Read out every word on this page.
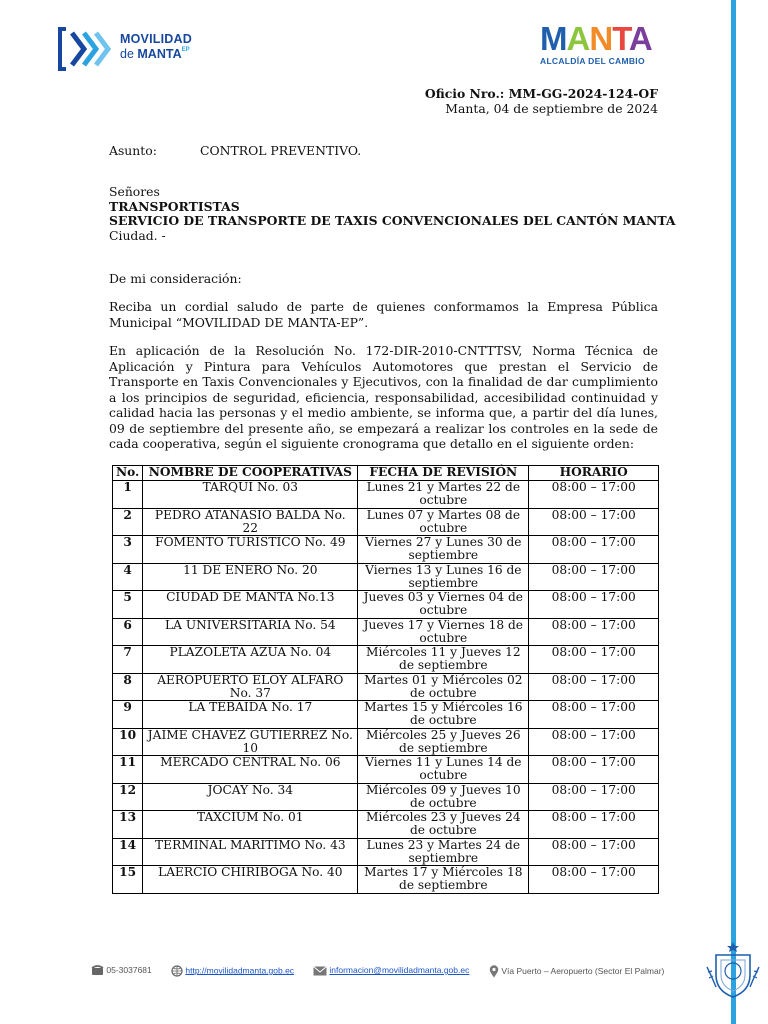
MOVILIDAD
de $MANTA^{EP}$	MANTA
ALCALDÍA DEL CAMBIO
Oficio Nro.: MM-GG-2024-124-OF
Manta, 04 de septiembre de 2024
Asunto:	CONTROL PREVENTIVO.
Señores
TRANSPORTISTAS
SERVICIO DE TRANSPORTE DE TAXIS CONVENCIONALES DEL CANTÓN MANTA
Ciudad. -
De mi consideración:
Reciba un cordial saludo de parte de quienes conformamos la Empresa Pública Municipal “MOVILIDAD DE MANTA-EP”.
En aplicación de la Resolución No. 172-DIR-2010-CNTTTSV, Norma Técnica de Aplicación y Pintura para Vehículos Automotores que prestan el Servicio de Transporte en Taxis Convencionales y Ejecutivos, con la finalidad de dar cumplimiento a los principios de seguridad, eficiencia, responsabilidad, accesibilidad continuidad y calidad hacia las personas y el medio ambiente, se informa que, a partir del día lunes, 09 de septiembre del presente año, se empezará a realizar los controles en la sede de cada cooperativa, según el siguiente cronograma que detallo en el siguiente orden:
No.	NOMBRE DE COOPERATIVAS	FECHA DE REVISIÓN	HORARIO
1	TARQUI No. 03	Lunes 21 y Martes 22 de octubre	08:00 – 17:00
2	PEDRO ATANASIO BALDA No. 22	Lunes 07 y Martes 08 de octubre	08:00 – 17:00
3	FOMENTO TURISTICO No. 49	Viernes 27 y Lunes 30 de septiembre	08:00 – 17:00
4	11 DE ENERO No. 20	Viernes 13 y Lunes 16 de septiembre	08:00 – 17:00
5	CIUDAD DE MANTA No.13	Jueves 03 y Viernes 04 de octubre	08:00 – 17:00
6	LA UNIVERSITARIA No. 54	Jueves 17 y Viernes 18 de octubre	08:00 – 17:00
7	PLAZOLETA AZUA No. 04	Miércoles 11 y Jueves 12 de septiembre	08:00 – 17:00
8	AEROPUERTO ELOY ALFARO No. 37	Martes 01 y Miércoles 02 de octubre	08:00 – 17:00
9	LA TEBAIDA No. 17	Martes 15 y Miércoles 16 de octubre	08:00 – 17:00
10	JAIME CHAVEZ GUTIERREZ No. 10	Miércoles 25 y Jueves 26 de septiembre	08:00 – 17:00
11	MERCADO CENTRAL No. 06	Viernes 11 y Lunes 14 de octubre	08:00 – 17:00
12	JOCAY No. 34	Miércoles 09 y Jueves 10 de octubre	08:00 – 17:00
13	TAXCIUM No. 01	Miércoles 23 y Jueves 24 de octubre	08:00 – 17:00
14	TERMINAL MARITIMO No. 43	Lunes 23 y Martes 24 de septiembre	08:00 – 17:00
15	LAERCIO CHIRIBOGA No. 40	Martes 17 y Miércoles 18 de septiembre	08:00 – 17:00
05-3037681	http://movilidadmanta.gob.ec	informacion@movilidadmanta.gob.ec	Vía Puerto – Aeropuerto (Sector El Palmar)
